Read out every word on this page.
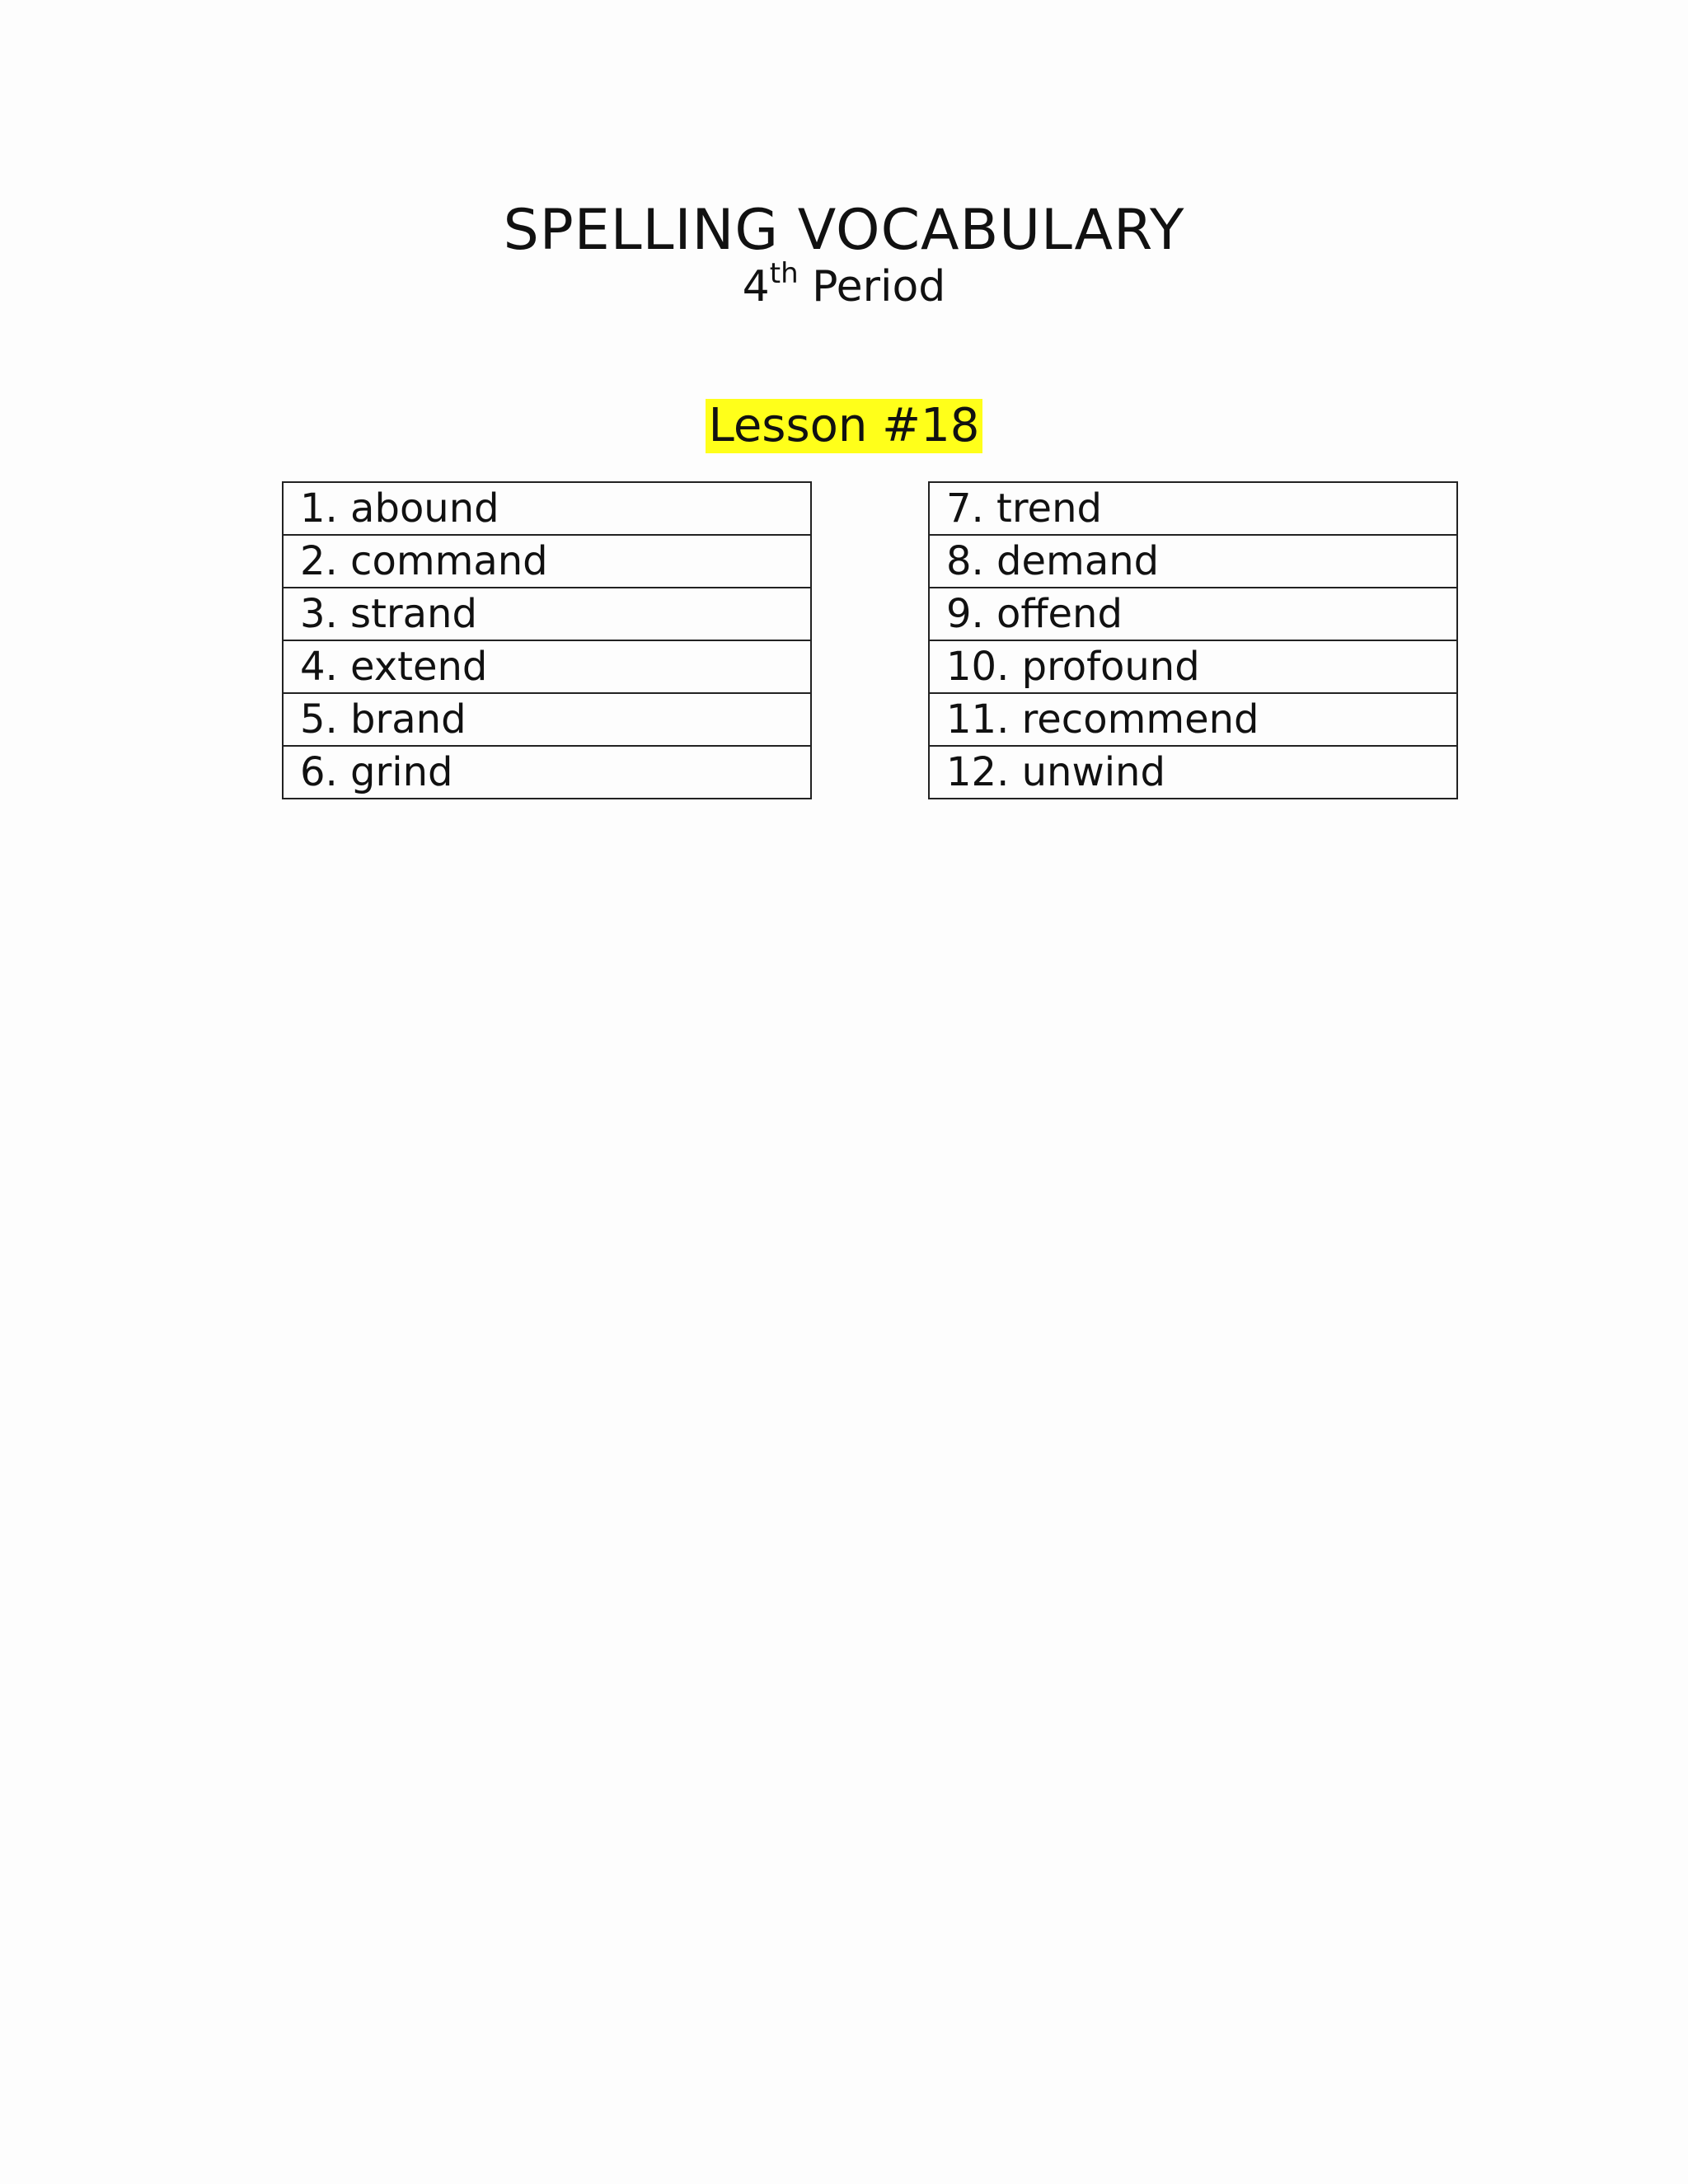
SPELLING VOCABULARY
4th Period
Lesson #18
1. abound
2. command
3. strand
4. extend
5. brand
6. grind
7. trend
8. demand
9. offend
10. profound
11. recommend
12. unwind
